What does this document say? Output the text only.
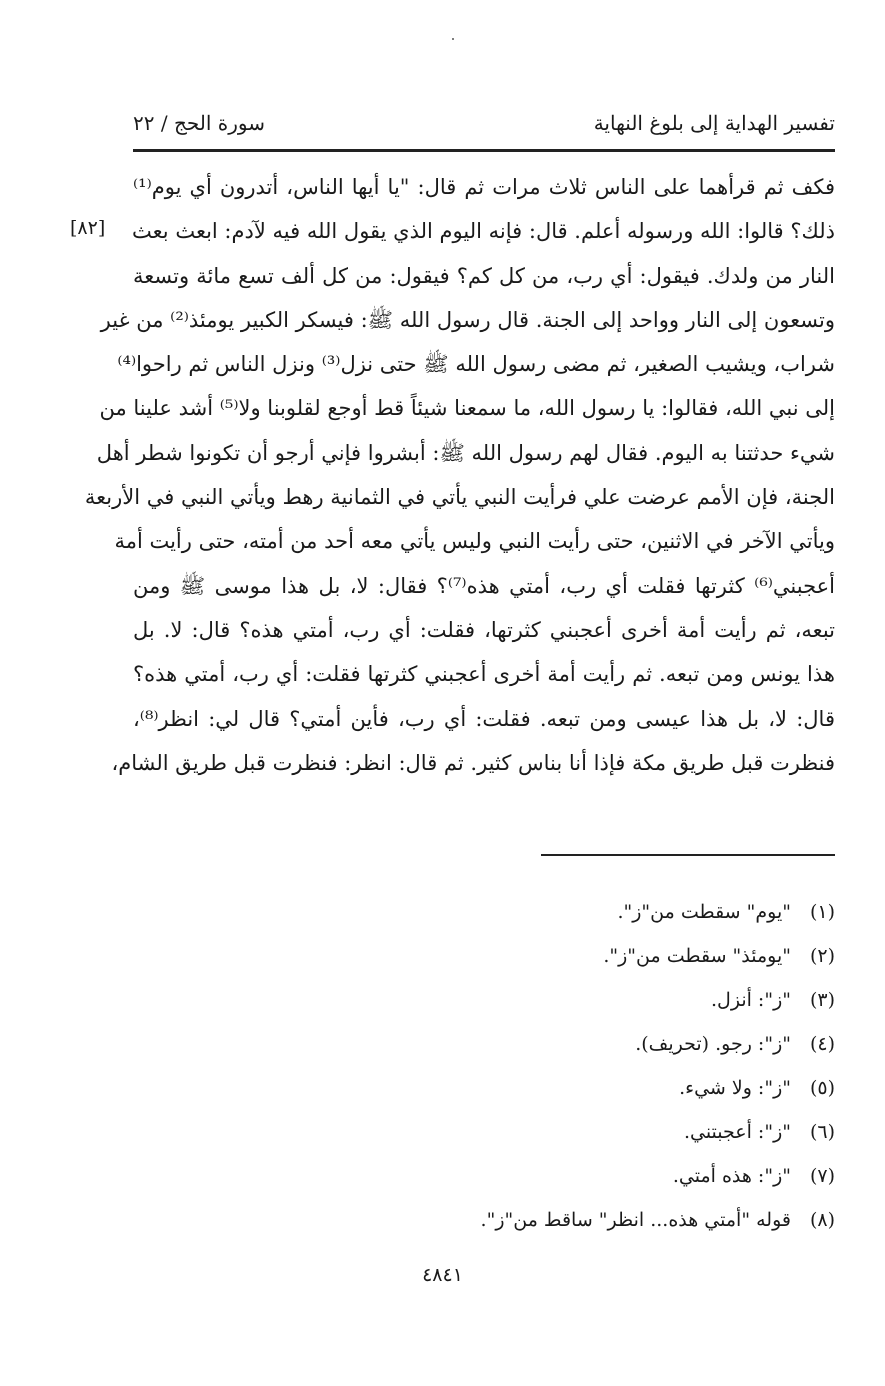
تفسير الهداية إلى بلوغ النهاية
سورة الحج / ٢٢
[٨٢]
فكف ثم قرأهما على الناس ثلاث مرات ثم قال: "يا أيها الناس، أتدرون أي يوم⁽¹⁾
ذلك؟ قالوا: الله ورسوله أعلم. قال: فإنه اليوم الذي يقول الله فيه لآدم: ابعث بعث
النار من ولدك. فيقول: أي رب، من كل كم؟ فيقول: من كل ألف تسع مائة وتسعة
وتسعون إلى النار وواحد إلى الجنة. قال رسول الله ﷺ: فيسكر الكبير يومئذ⁽²⁾ من غير
شراب، ويشيب الصغير، ثم مضى رسول الله ﷺ حتى نزل⁽³⁾ ونزل الناس ثم راحوا⁽⁴⁾
إلى نبي الله، فقالوا: يا رسول الله، ما سمعنا شيئاً قط أوجع لقلوبنا ولا⁽⁵⁾ أشد علينا من
شيء حدثتنا به اليوم. فقال لهم رسول الله ﷺ: أبشروا فإني أرجو أن تكونوا شطر أهل
الجنة، فإن الأمم عرضت علي فرأيت النبي يأتي في الثمانية رهط ويأتي النبي في الأربعة
ويأتي الآخر في الاثنين، حتى رأيت النبي وليس يأتي معه أحد من أمته، حتى رأيت أمة
أعجبني⁽⁶⁾ كثرتها فقلت أي رب، أمتي هذه⁽⁷⁾؟ فقال: لا، بل هذا موسى ﷺ ومن
تبعه، ثم رأيت أمة أخرى أعجبني كثرتها، فقلت: أي رب، أمتي هذه؟ قال: لا. بل
هذا يونس ومن تبعه. ثم رأيت أمة أخرى أعجبني كثرتها فقلت: أي رب، أمتي هذه؟
قال: لا، بل هذا عيسى ومن تبعه. فقلت: أي رب، فأين أمتي؟ قال لي: انظر⁽⁸⁾،
فنظرت قبل طريق مكة فإذا أنا بناس كثير. ثم قال: انظر: فنظرت قبل طريق الشام،
(١)"يوم" سقطت من"ز".
(٢)"يومئذ" سقطت من"ز".
(٣)"ز": أنزل.
(٤)"ز": رجو. (تحريف).
(٥)"ز": ولا شيء.
(٦)"ز": أعجبتني.
(٧)"ز": هذه أمتي.
(٨)قوله "أمتي هذه... انظر" ساقط من"ز".
٤٨٤١
